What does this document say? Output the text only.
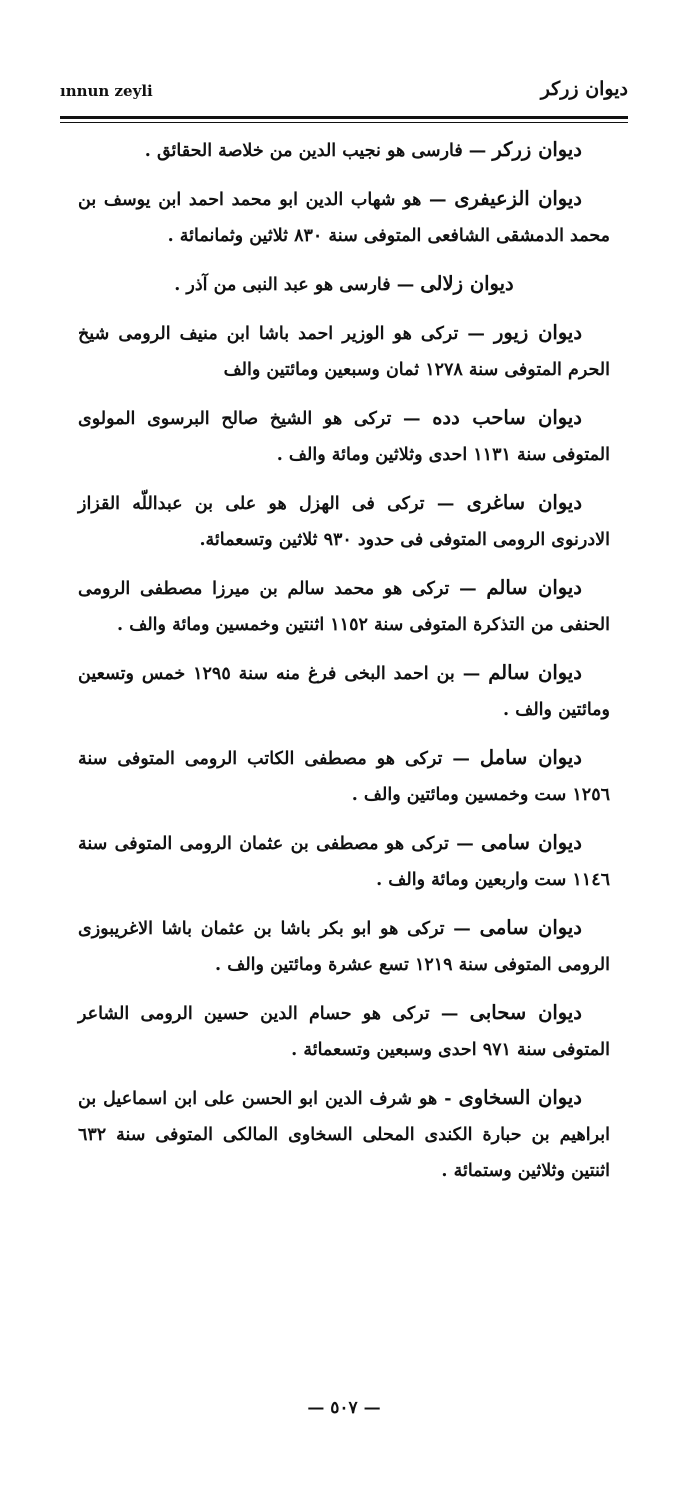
ınnun zeyli	ديوان زركر

ديوان زركر — فارسى هو نجيب الدين من خلاصة الحقائق .

ديوان الزعيفرى — هو شهاب الدين ابو محمد احمد ابن يوسف بن محمد الدمشقى الشافعى المتوفى سنة ٨٣٠ ثلاثين وثمانمائة .

ديوان زلالى — فارسى هو عبد النبى من آذر .

ديوان زيور — تركى هو الوزير احمد باشا ابن منيف الرومى شيخ الحرم المتوفى سنة ١٢٧٨ ثمان وسبعين ومائتين والف

ديوان ساحب دده — تركى هو الشيخ صالح البرسوى المولوى المتوفى سنة ١١٣١ احدى وثلاثين ومائة والف .

ديوان ساغرى — تركى فى الهزل هو على بن عبداللّه القزاز الادرنوى الرومى المتوفى فى حدود ٩٣٠ ثلاثين وتسعمائة.

ديوان سالم — تركى هو محمد سالم بن ميرزا مصطفى الرومى الحنفى من التذكرة المتوفى سنة ١١٥٢ اثنتين وخمسين ومائة والف .

ديوان سالم — بن احمد البخى فرغ منه سنة ١٢٩٥ خمس وتسعين ومائتين والف .

ديوان سامل — تركى هو مصطفى الكاتب الرومى المتوفى سنة ١٢٥٦ ست وخمسين ومائتين والف .

ديوان سامى — تركى هو مصطفى بن عثمان الرومى المتوفى سنة ١١٤٦ ست واربعين ومائة والف .

ديوان سامى — تركى هو ابو بكر باشا بن عثمان باشا الاغريبوزى الرومى المتوفى سنة ١٢١٩ تسع عشرة ومائتين والف .

ديوان سحابى — تركى هو حسام الدين حسين الرومى الشاعر المتوفى سنة ٩٧١ احدى وسبعين وتسعمائة .

ديوان السخاوى - هو شرف الدين ابو الحسن على ابن اسماعيل بن ابراهيم بن حبارة الكندى المحلى السخاوى المالكى المتوفى سنة ٦٣٢ اثنتين وثلاثين وستمائة .

— ٥٠٧ —
